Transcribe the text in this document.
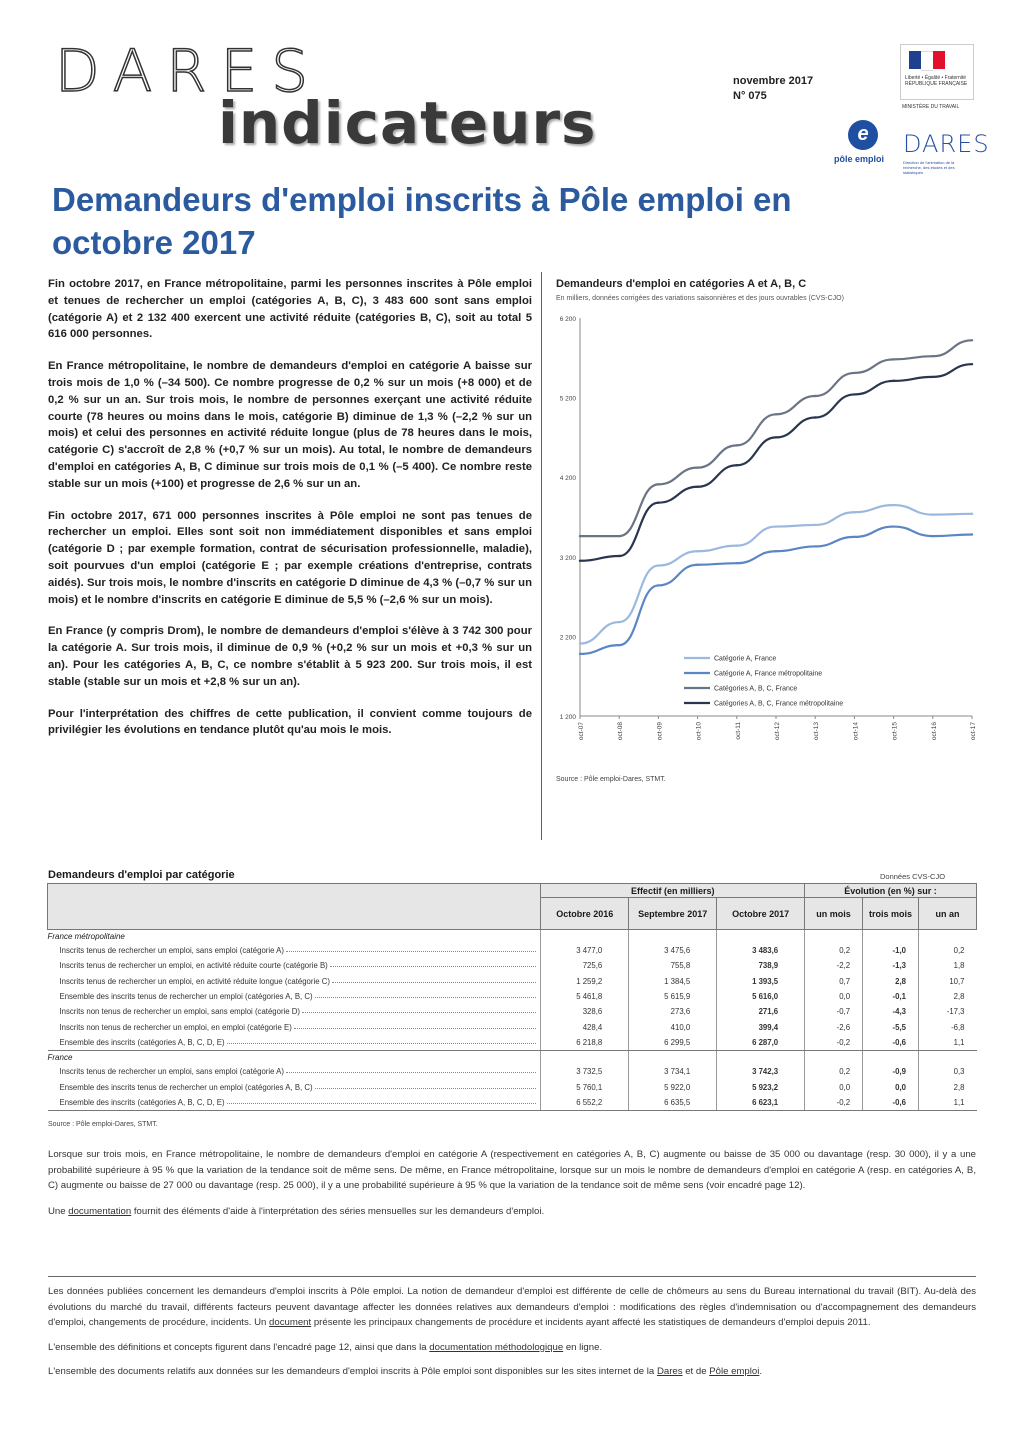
DARES
indicateurs
novembre 2017
N° 075
Liberté • Égalité • Fraternité RÉPUBLIQUE FRANÇAISE
MINISTÈRE DU TRAVAIL
e
pôle emploi
DARES
Direction de l'animation de la recherche, des études et des statistiques
Demandeurs d'emploi inscrits à Pôle emploi en octobre 2017

Fin octobre 2017, en France métropolitaine, parmi les personnes inscrites à Pôle emploi et tenues de rechercher un emploi (catégories A, B, C), 3 483 600 sont sans emploi (catégorie A) et 2 132 400 exercent une activité réduite (catégories B, C), soit au total 5 616 000 personnes.

En France métropolitaine, le nombre de demandeurs d'emploi en catégorie A baisse sur trois mois de 1,0 % (–34 500). Ce nombre progresse de 0,2 % sur un mois (+8 000) et de 0,2 % sur un an. Sur trois mois, le nombre de personnes exerçant une activité réduite courte (78 heures ou moins dans le mois, catégorie B) diminue de 1,3 % (–2,2 % sur un mois) et celui des personnes en activité réduite longue (plus de 78 heures dans le mois, catégorie C) s'accroît de 2,8 % (+0,7 % sur un mois). Au total, le nombre de demandeurs d'emploi en catégories A, B, C diminue sur trois mois de 0,1 % (–5 400). Ce nombre reste stable sur un mois (+100) et progresse de 2,6 % sur un an.

Fin octobre 2017, 671 000 personnes inscrites à Pôle emploi ne sont pas tenues de rechercher un emploi. Elles sont soit non immédiatement disponibles et sans emploi (catégorie D ; par exemple formation, contrat de sécurisation professionnelle, maladie), soit pourvues d'un emploi (catégorie E ; par exemple créations d'entreprise, contrats aidés). Sur trois mois, le nombre d'inscrits en catégorie D diminue de 4,3 % (–0,7 % sur un mois) et le nombre d'inscrits en catégorie E diminue de 5,5 % (–2,6 % sur un mois).

En France (y compris Drom), le nombre de demandeurs d'emploi s'élève à 3 742 300 pour la catégorie A. Sur trois mois, il diminue de 0,9 % (+0,2 % sur un mois et +0,3 % sur un an). Pour les catégories A, B, C, ce nombre s'établit à 5 923 200. Sur trois mois, il est stable (stable sur un mois et +2,8 % sur un an).

Pour l'interprétation des chiffres de cette publication, il convient comme toujours de privilégier les évolutions en tendance plutôt qu'au mois le mois.

Demandeurs d'emploi en catégories A et A, B, C
En milliers, données corrigées des variations saisonnières et des jours ouvrables (CVS-CJO)
1 200
2 200
3 200
4 200
5 200
6 200
oct-07	oct-08	oct-09	oct-10	oct-11	oct-12	oct-13	oct-14	oct-15	oct-16	oct-17
Catégorie A, France
Catégorie A, France métropolitaine
Catégories A, B, C, France
Catégories A, B, C, France métropolitaine
Source : Pôle emploi-Dares, STMT.
Demandeurs d'emploi par catégorie	Données CVS-CJO
	Effectif (en milliers)			Évolution (en %) sur :		
	Octobre 2016	Septembre 2017	Octobre 2017	un mois	trois mois	un an
France métropolitaine						

Inscrits tenus de rechercher un emploi, sans emploi (catégorie A)	3 477,0	3 475,6	3 483,6	0,2	-1,0	0,2

Inscrits tenus de rechercher un emploi, en activité réduite courte (catégorie B)	725,6	755,8	738,9	-2,2	-1,3	1,8

Inscrits tenus de rechercher un emploi, en activité réduite longue (catégorie C)	1 259,2	1 384,5	1 393,5	0,7	2,8	10,7

Ensemble des inscrits tenus de rechercher un emploi (catégories A, B, C)	5 461,8	5 615,9	5 616,0	0,0	-0,1	2,8

Inscrits non tenus de rechercher un emploi, sans emploi (catégorie D)	328,6	273,6	271,6	-0,7	-4,3	-17,3

Inscrits non tenus de rechercher un emploi, en emploi (catégorie E)	428,4	410,0	399,4	-2,6	-5,5	-6,8

Ensemble des inscrits (catégories A, B, C, D, E)	6 218,8	6 299,5	6 287,0	-0,2	-0,6	1,1
France						

Inscrits tenus de rechercher un emploi, sans emploi (catégorie A)	3 732,5	3 734,1	3 742,3	0,2	-0,9	0,3

Ensemble des inscrits tenus de rechercher un emploi (catégories A, B, C)	5 760,1	5 922,0	5 923,2	0,0	0,0	2,8

Ensemble des inscrits (catégories A, B, C, D, E)	6 552,2	6 635,5	6 623,1	-0,2	-0,6	1,1
Source : Pôle emploi-Dares, STMT.

Lorsque sur trois mois, en France métropolitaine, le nombre de demandeurs d'emploi en catégorie A (respectivement en catégories A, B, C) augmente ou baisse de 35 000 ou davantage (resp. 30 000), il y a une probabilité supérieure à 95 % que la variation de la tendance soit de même sens. De même, en France métropolitaine, lorsque sur un mois le nombre de demandeurs d'emploi en catégorie A (resp. en catégories A, B, C) augmente ou baisse de 27 000 ou davantage (resp. 25 000), il y a une probabilité supérieure à 95 % que la variation de la tendance soit de même sens (voir encadré page 12).

Une documentation fournit des éléments d'aide à l'interprétation des séries mensuelles sur les demandeurs d'emploi.

Les données publiées concernent les demandeurs d'emploi inscrits à Pôle emploi. La notion de demandeur d'emploi est différente de celle de chômeurs au sens du Bureau international du travail (BIT). Au-delà des évolutions du marché du travail, différents facteurs peuvent davantage affecter les données relatives aux demandeurs d'emploi : modifications des règles d'indemnisation ou d'accompagnement des demandeurs d'emploi, changements de procédure, incidents. Un document présente les principaux changements de procédure et incidents ayant affecté les statistiques de demandeurs d'emploi depuis 2011.

L'ensemble des définitions et concepts figurent dans l'encadré page 12, ainsi que dans la documentation méthodologique en ligne.

L'ensemble des documents relatifs aux données sur les demandeurs d'emploi inscrits à Pôle emploi sont disponibles sur les sites internet de la Dares et de Pôle emploi.
